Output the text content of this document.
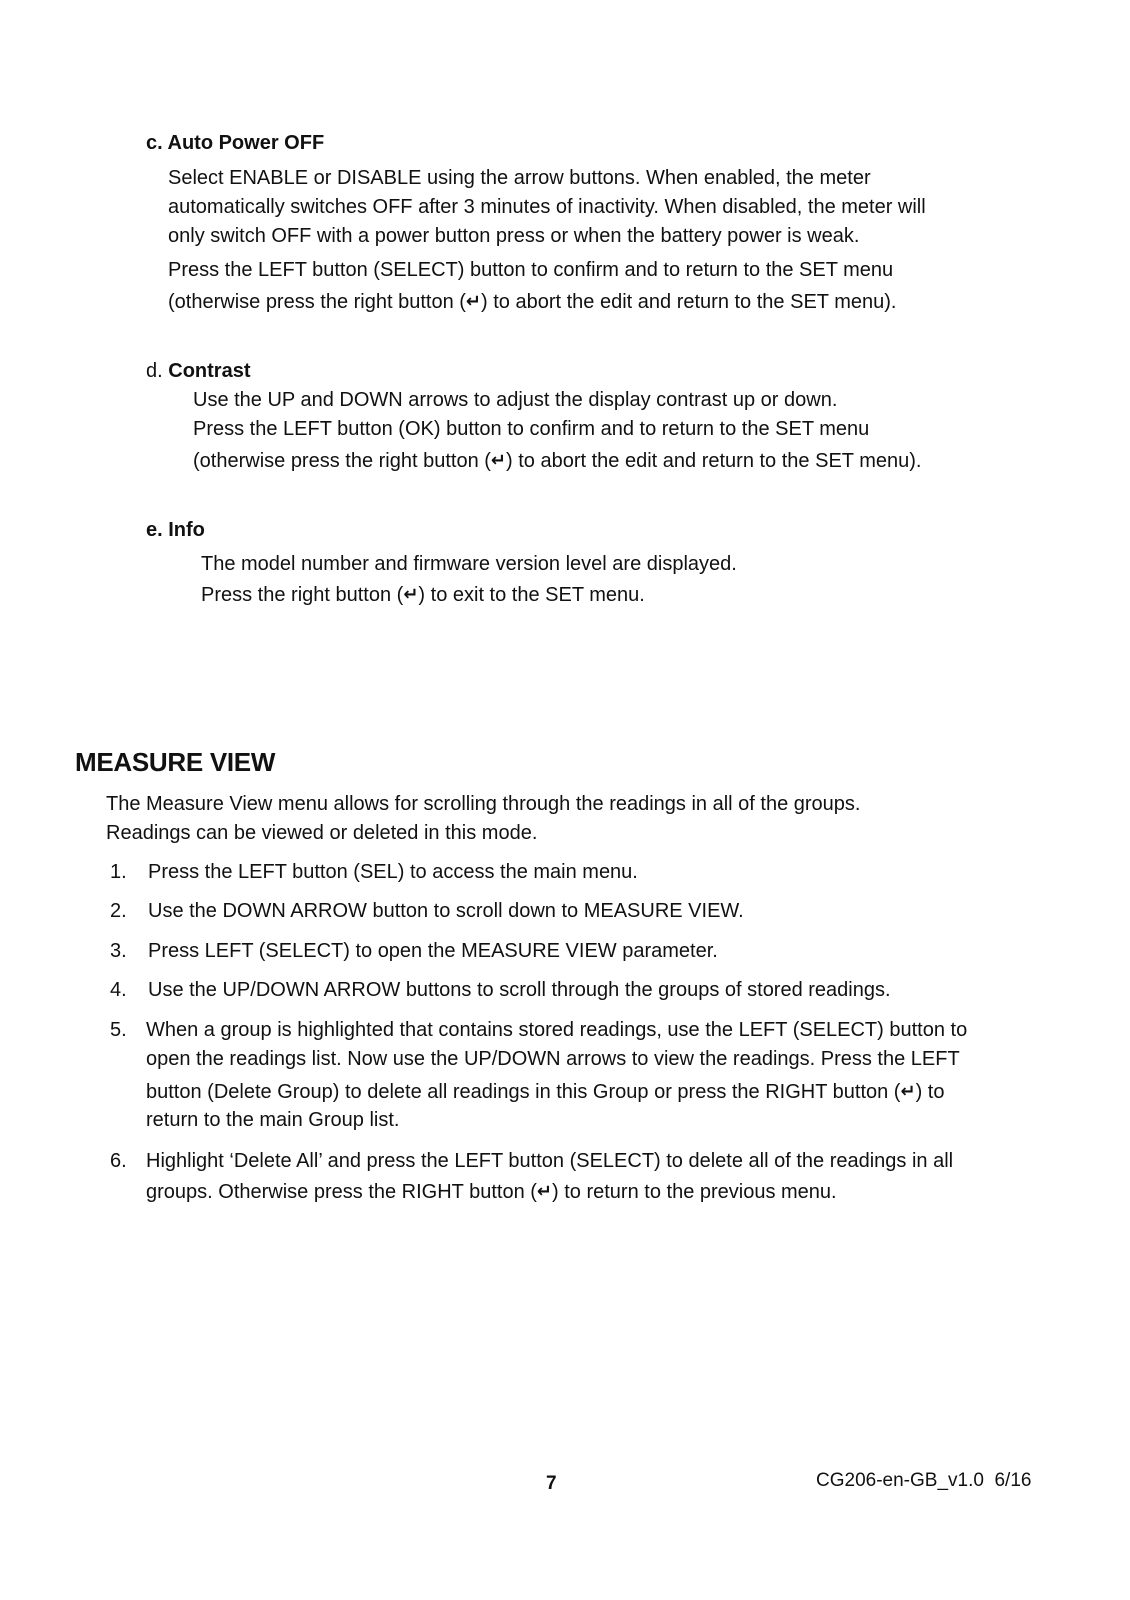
c. Auto Power OFF
Select ENABLE or DISABLE using the arrow buttons. When enabled, the meter
automatically switches OFF after 3 minutes of inactivity. When disabled, the meter will
only switch OFF with a power button press or when the battery power is weak.
Press the LEFT button (SELECT) button to confirm and to return to the SET menu
(otherwise press the right button (↵) to abort the edit and return to the SET menu).
d. Contrast
Use the UP and DOWN arrows to adjust the display contrast up or down.
Press the LEFT button (OK) button to confirm and to return to the SET menu
(otherwise press the right button (↵) to abort the edit and return to the SET menu).
e. Info
The model number and firmware version level are displayed.
Press the right button (↵) to exit to the SET menu.
MEASURE VIEW
The Measure View menu allows for scrolling through the readings in all of the groups.
Readings can be viewed or deleted in this mode.
1. Press the LEFT button (SEL) to access the main menu.
2. Use the DOWN ARROW button to scroll down to MEASURE VIEW.
3. Press LEFT (SELECT) to open the MEASURE VIEW parameter.
4. Use the UP/DOWN ARROW buttons to scroll through the groups of stored readings.
5. When a group is highlighted that contains stored readings, use the LEFT (SELECT) button to
open the readings list. Now use the UP/DOWN arrows to view the readings. Press the LEFT
button (Delete Group) to delete all readings in this Group or press the RIGHT button (↵) to
return to the main Group list.
6. Highlight ‘Delete All’ and press the LEFT button (SELECT) to delete all of the readings in all
groups. Otherwise press the RIGHT button (↵) to return to the previous menu.
7	CG206-en-GB_v1.0  6/16
